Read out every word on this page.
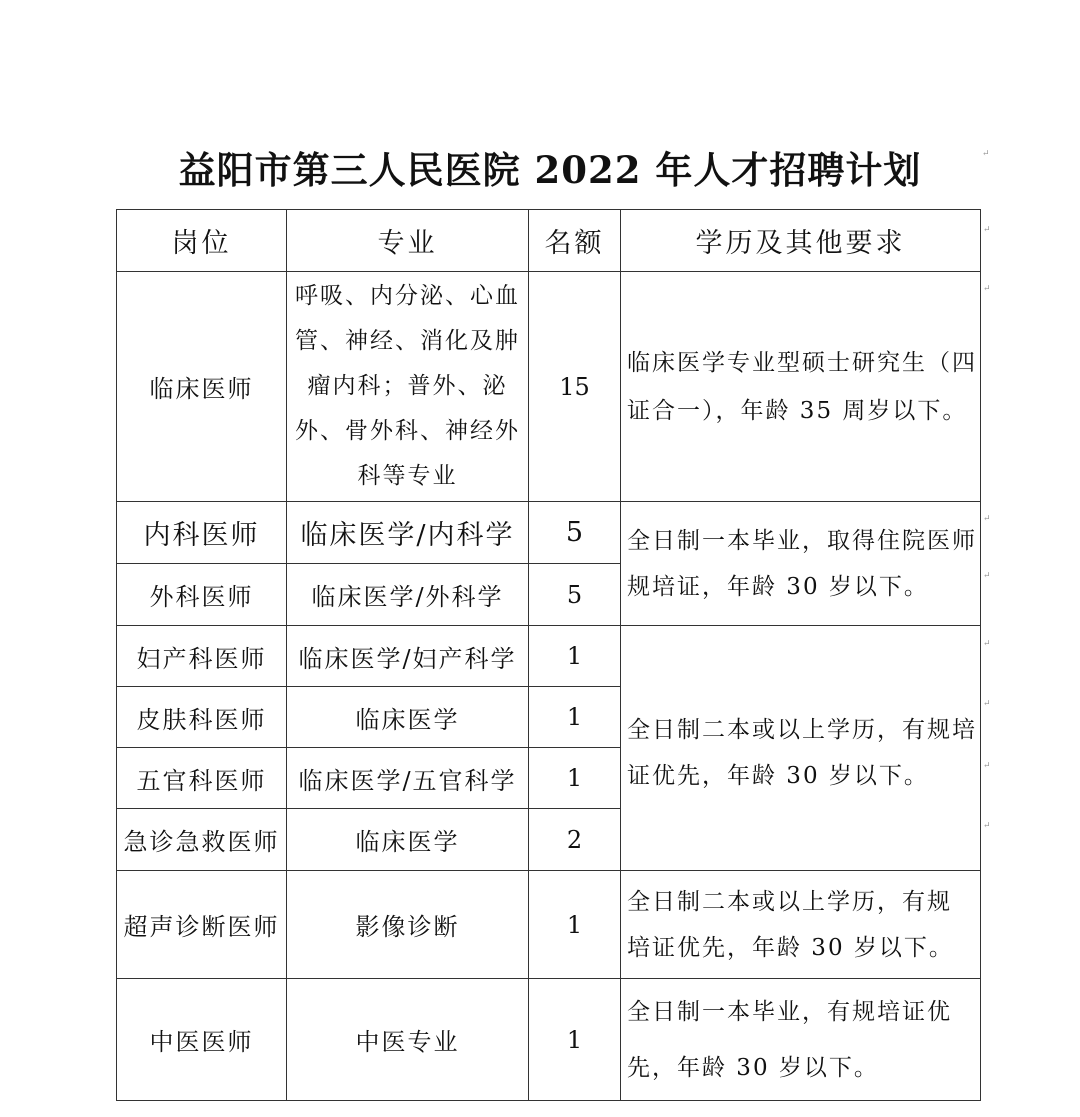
益阳市第三人民医院 2022 年人才招聘计划	↵
↵
↵
↵
↵
↵
↵
↵
↵
岗位	专业	名额	学历及其他要求
临床医师	呼吸、内分泌、心血管、神经、消化及肿瘤内科；普外、泌外、骨外科、神经外科等专业	15	临床医学专业型硕士研究生（四证合一），年龄 35 周岁以下。
内科医师	临床医学/内科学	5	全日制一本毕业，取得住院医师规培证，年龄 30 岁以下。
外科医师	临床医学/外科学	5	
妇产科医师	临床医学/妇产科学	1	全日制二本或以上学历，有规培证优先，年龄 30 岁以下。
皮肤科医师	临床医学	1	
五官科医师	临床医学/五官科学	1	
急诊急救医师	临床医学	2	
超声诊断医师	影像诊断	1	全日制二本或以上学历，有规培证优先，年龄 30 岁以下。
中医医师	中医专业	1	全日制一本毕业，有规培证优先，年龄 30 岁以下。
